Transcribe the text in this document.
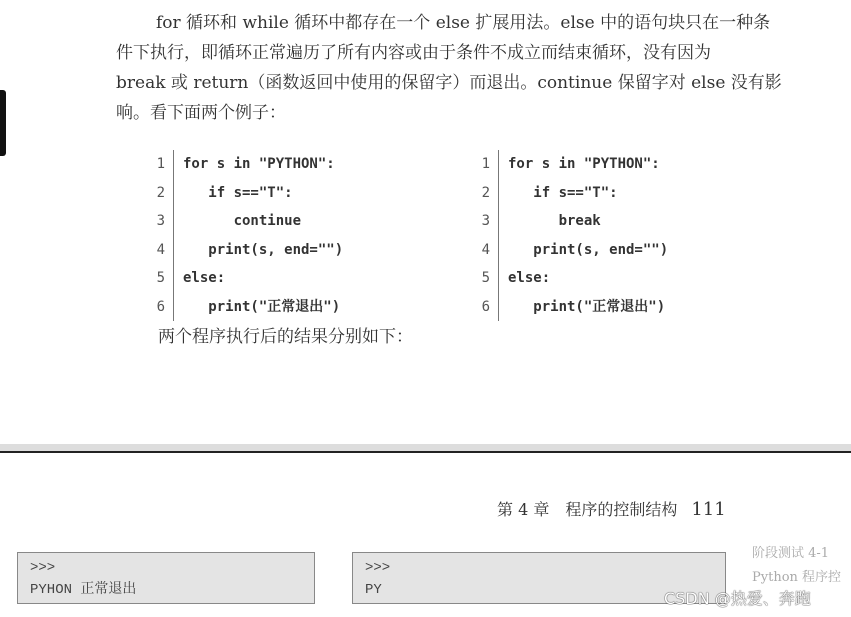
for 循环和 while 循环中都存在一个 else 扩展用法。else 中的语句块只在一种条
件下执行，即循环正常遍历了所有内容或由于条件不成立而结束循环，没有因为
break 或 return（函数返回中使用的保留字）而退出。continue 保留字对 else 没有影
响。看下面两个例子：
1 for s in "PYTHON":
2 if s=="T":
3 continue
4 print(s, end="")
5 else:
6 print("正常退出")
1 for s in "PYTHON":
2 if s=="T":
3 break
4 print(s, end="")
5 else:
6 print("正常退出")
两个程序执行后的结果分别如下：
第 4 章　程序的控制结构 111
>>>
PYHON 正常退出
>>>
PY
阶段测试 4-1
Python 程序控
CSDN @热爱、奔跑
